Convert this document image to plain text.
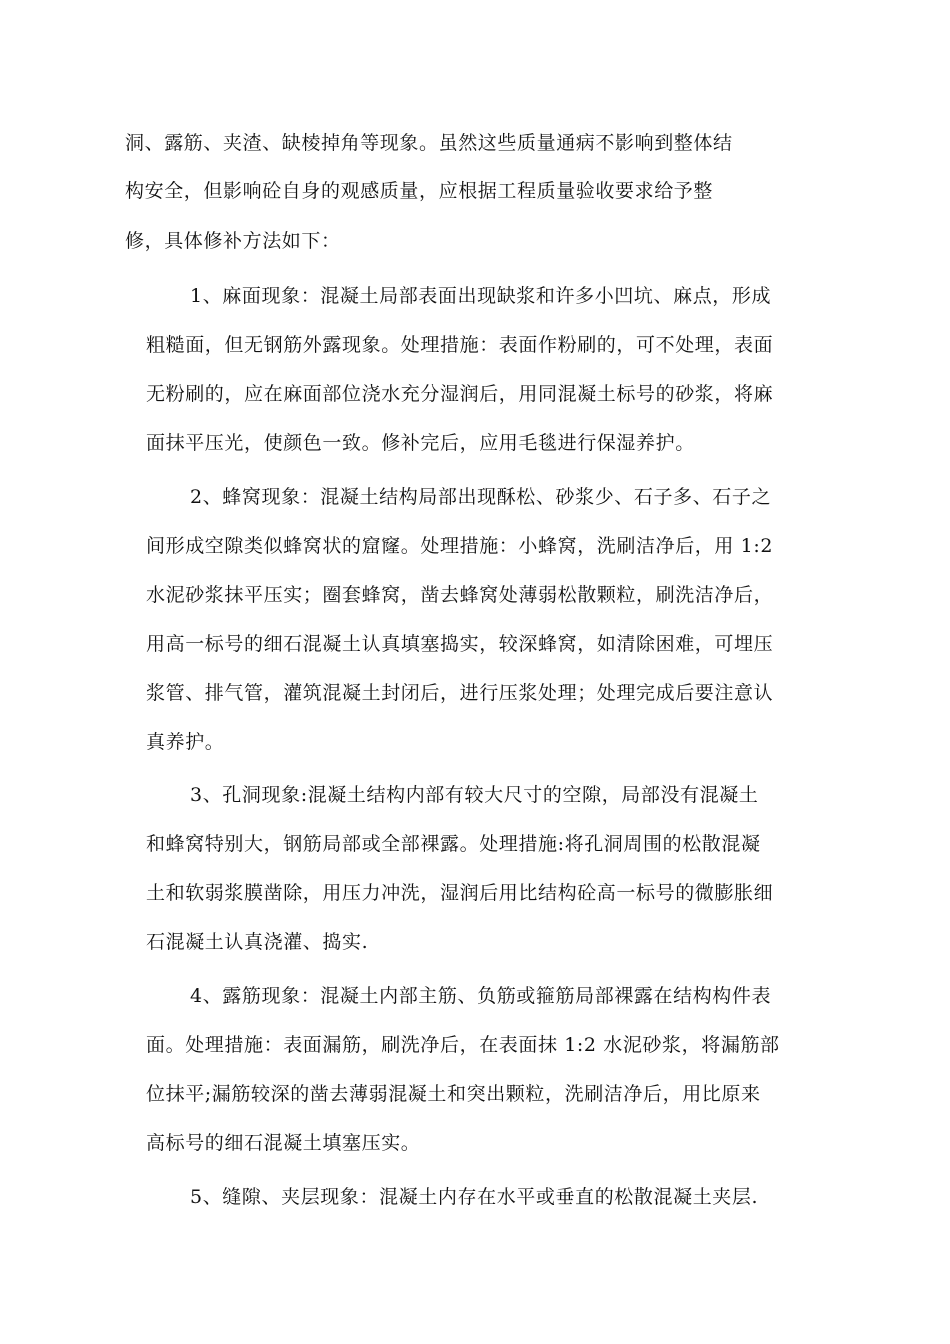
洞、露筋、夹渣、缺棱掉角等现象。虽然这些质量通病不影响到整体结
构安全，但影响砼自身的观感质量，应根据工程质量验收要求给予整
修，具体修补方法如下：
1、麻面现象：混凝土局部表面出现缺浆和许多小凹坑、麻点，形成
粗糙面，但无钢筋外露现象。处理措施：表面作粉刷的，可不处理，表面
无粉刷的，应在麻面部位浇水充分湿润后，用同混凝土标号的砂浆，将麻
面抹平压光，使颜色一致。修补完后，应用毛毯进行保湿养护。
2、蜂窝现象：混凝土结构局部出现酥松、砂浆少、石子多、石子之
间形成空隙类似蜂窝状的窟窿。处理措施：小蜂窝，洗刷洁净后，用 1:2
水泥砂浆抹平压实；圈套蜂窝，凿去蜂窝处薄弱松散颗粒，刷洗洁净后，
用高一标号的细石混凝土认真填塞捣实，较深蜂窝，如清除困难，可埋压
浆管、排气管，灌筑混凝土封闭后，进行压浆处理；处理完成后要注意认
真养护。
3、孔洞现象:混凝土结构内部有较大尺寸的空隙，局部没有混凝土
和蜂窝特别大，钢筋局部或全部裸露。处理措施:将孔洞周围的松散混凝
土和软弱浆膜凿除，用压力冲洗，湿润后用比结构砼高一标号的微膨胀细
石混凝土认真浇灌、捣实.
4、露筋现象：混凝土内部主筋、负筋或箍筋局部裸露在结构构件表
面。处理措施：表面漏筋，刷洗净后，在表面抹 1:2 水泥砂浆，将漏筋部
位抹平;漏筋较深的凿去薄弱混凝土和突出颗粒，洗刷洁净后，用比原来
高标号的细石混凝土填塞压实。
5、缝隙、夹层现象：混凝土内存在水平或垂直的松散混凝土夹层.
